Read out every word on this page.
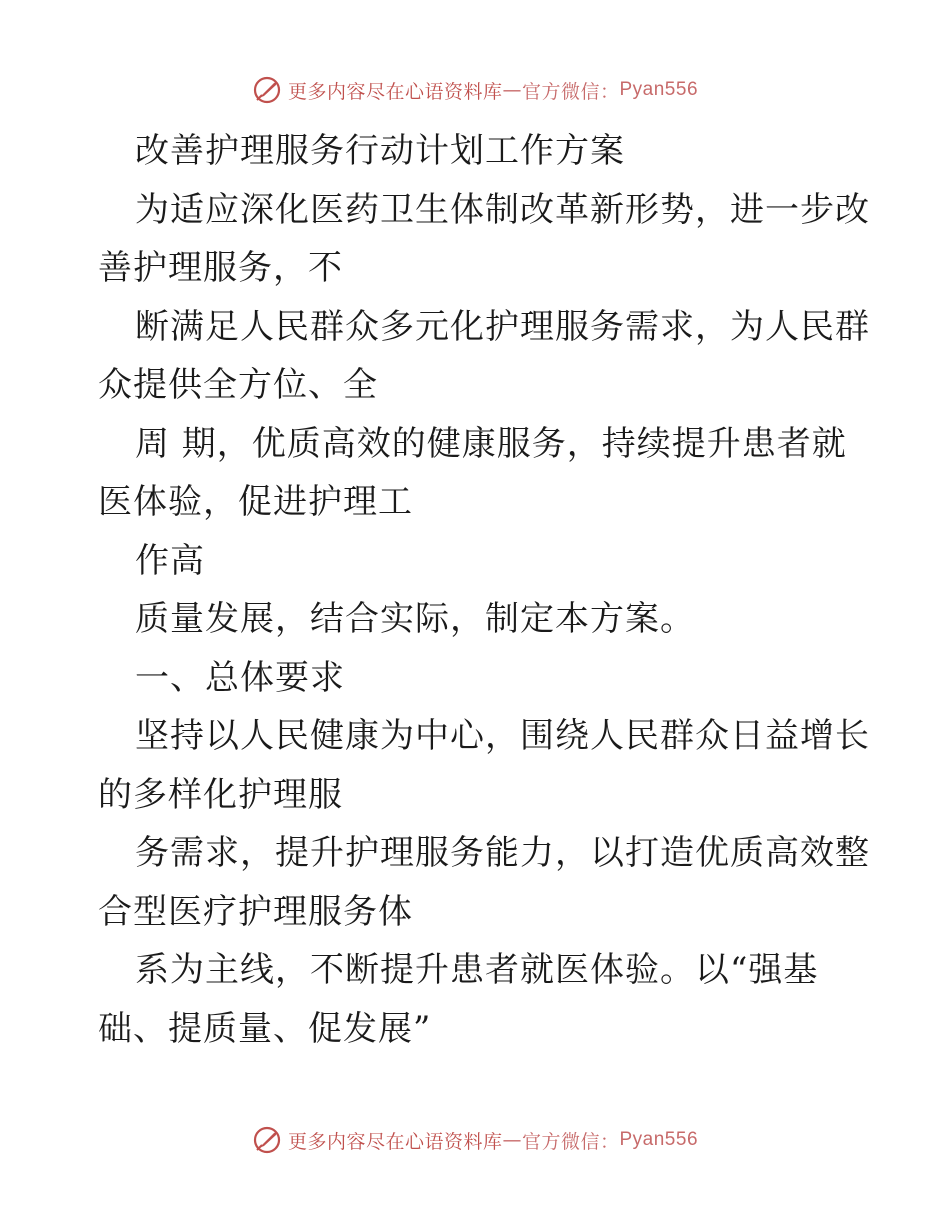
更多内容尽在心语资料库 — 官方微信： Pyan556
改善护理服务行动计划工作方案
为适应深化医药卫生体制改革新形势，进一步改
善护理服务，不
断满足人民群众多元化护理服务需求，为人民群
众提供全方位、全
周 期，优质高效的健康服务，持续提升患者就
医体验，促进护理工
作高
质量发展，结合实际，制定本方案。
一、总体要求
坚持以人民健康为中心，围绕人民群众日益增长
的多样化护理服
务需求，提升护理服务能力，以打造优质高效整
合型医疗护理服务体
系为主线，不断提升患者就医体验。以“强基
础、提质量、促发展”
更多内容尽在心语资料库 — 官方微信： Pyan556
